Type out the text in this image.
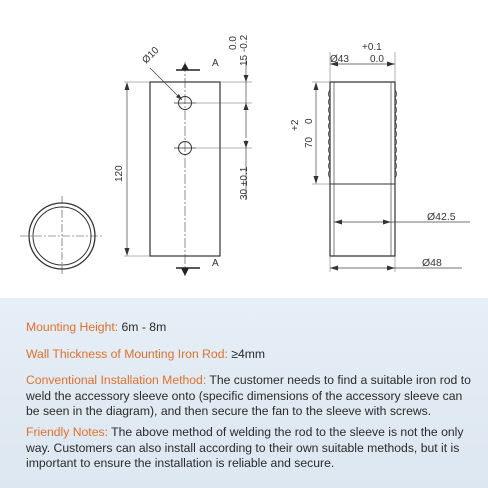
A
A
Ø10
120
0.0 15 -0.2
30 ±0.1
Ø43
+0.1
0.0
+2
70
0
Ø42.5
Ø48
Mounting Height: 6m - 8m
Wall Thickness of Mounting Iron Rod: ≥4mm
Conventional Installation Method: The customer needs to find a suitable iron rod to weld the accessory sleeve onto (specific dimensions of the accessory sleeve can be seen in the diagram), and then secure the fan to the sleeve with screws.
Friendly Notes: The above method of welding the rod to the sleeve is not the only way. Customers can also install according to their own suitable methods, but it is important to ensure the installation is reliable and secure.
